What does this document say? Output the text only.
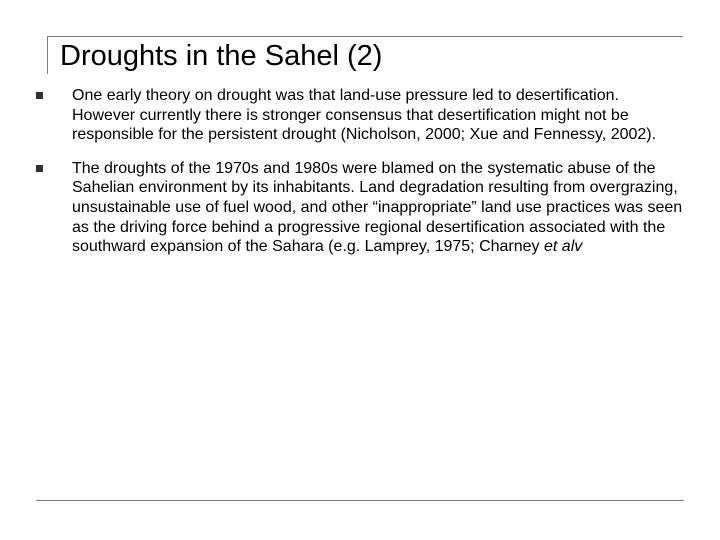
Droughts in the Sahel (2)
One early theory on drought was that land-use pressure led to desertification. However currently there is stronger consensus that desertification might not be responsible for the persistent drought (Nicholson, 2000; Xue and Fennessy, 2002).
The droughts of the 1970s and 1980s were blamed on the systematic abuse of the Sahelian environment by its inhabitants. Land degradation resulting from overgrazing, unsustainable use of fuel wood, and other “inappropriate” land use practices was seen as the driving force behind a progressive regional desertification associated with the southward expansion of the Sahara (e.g. Lamprey, 1975; Charney et alv
